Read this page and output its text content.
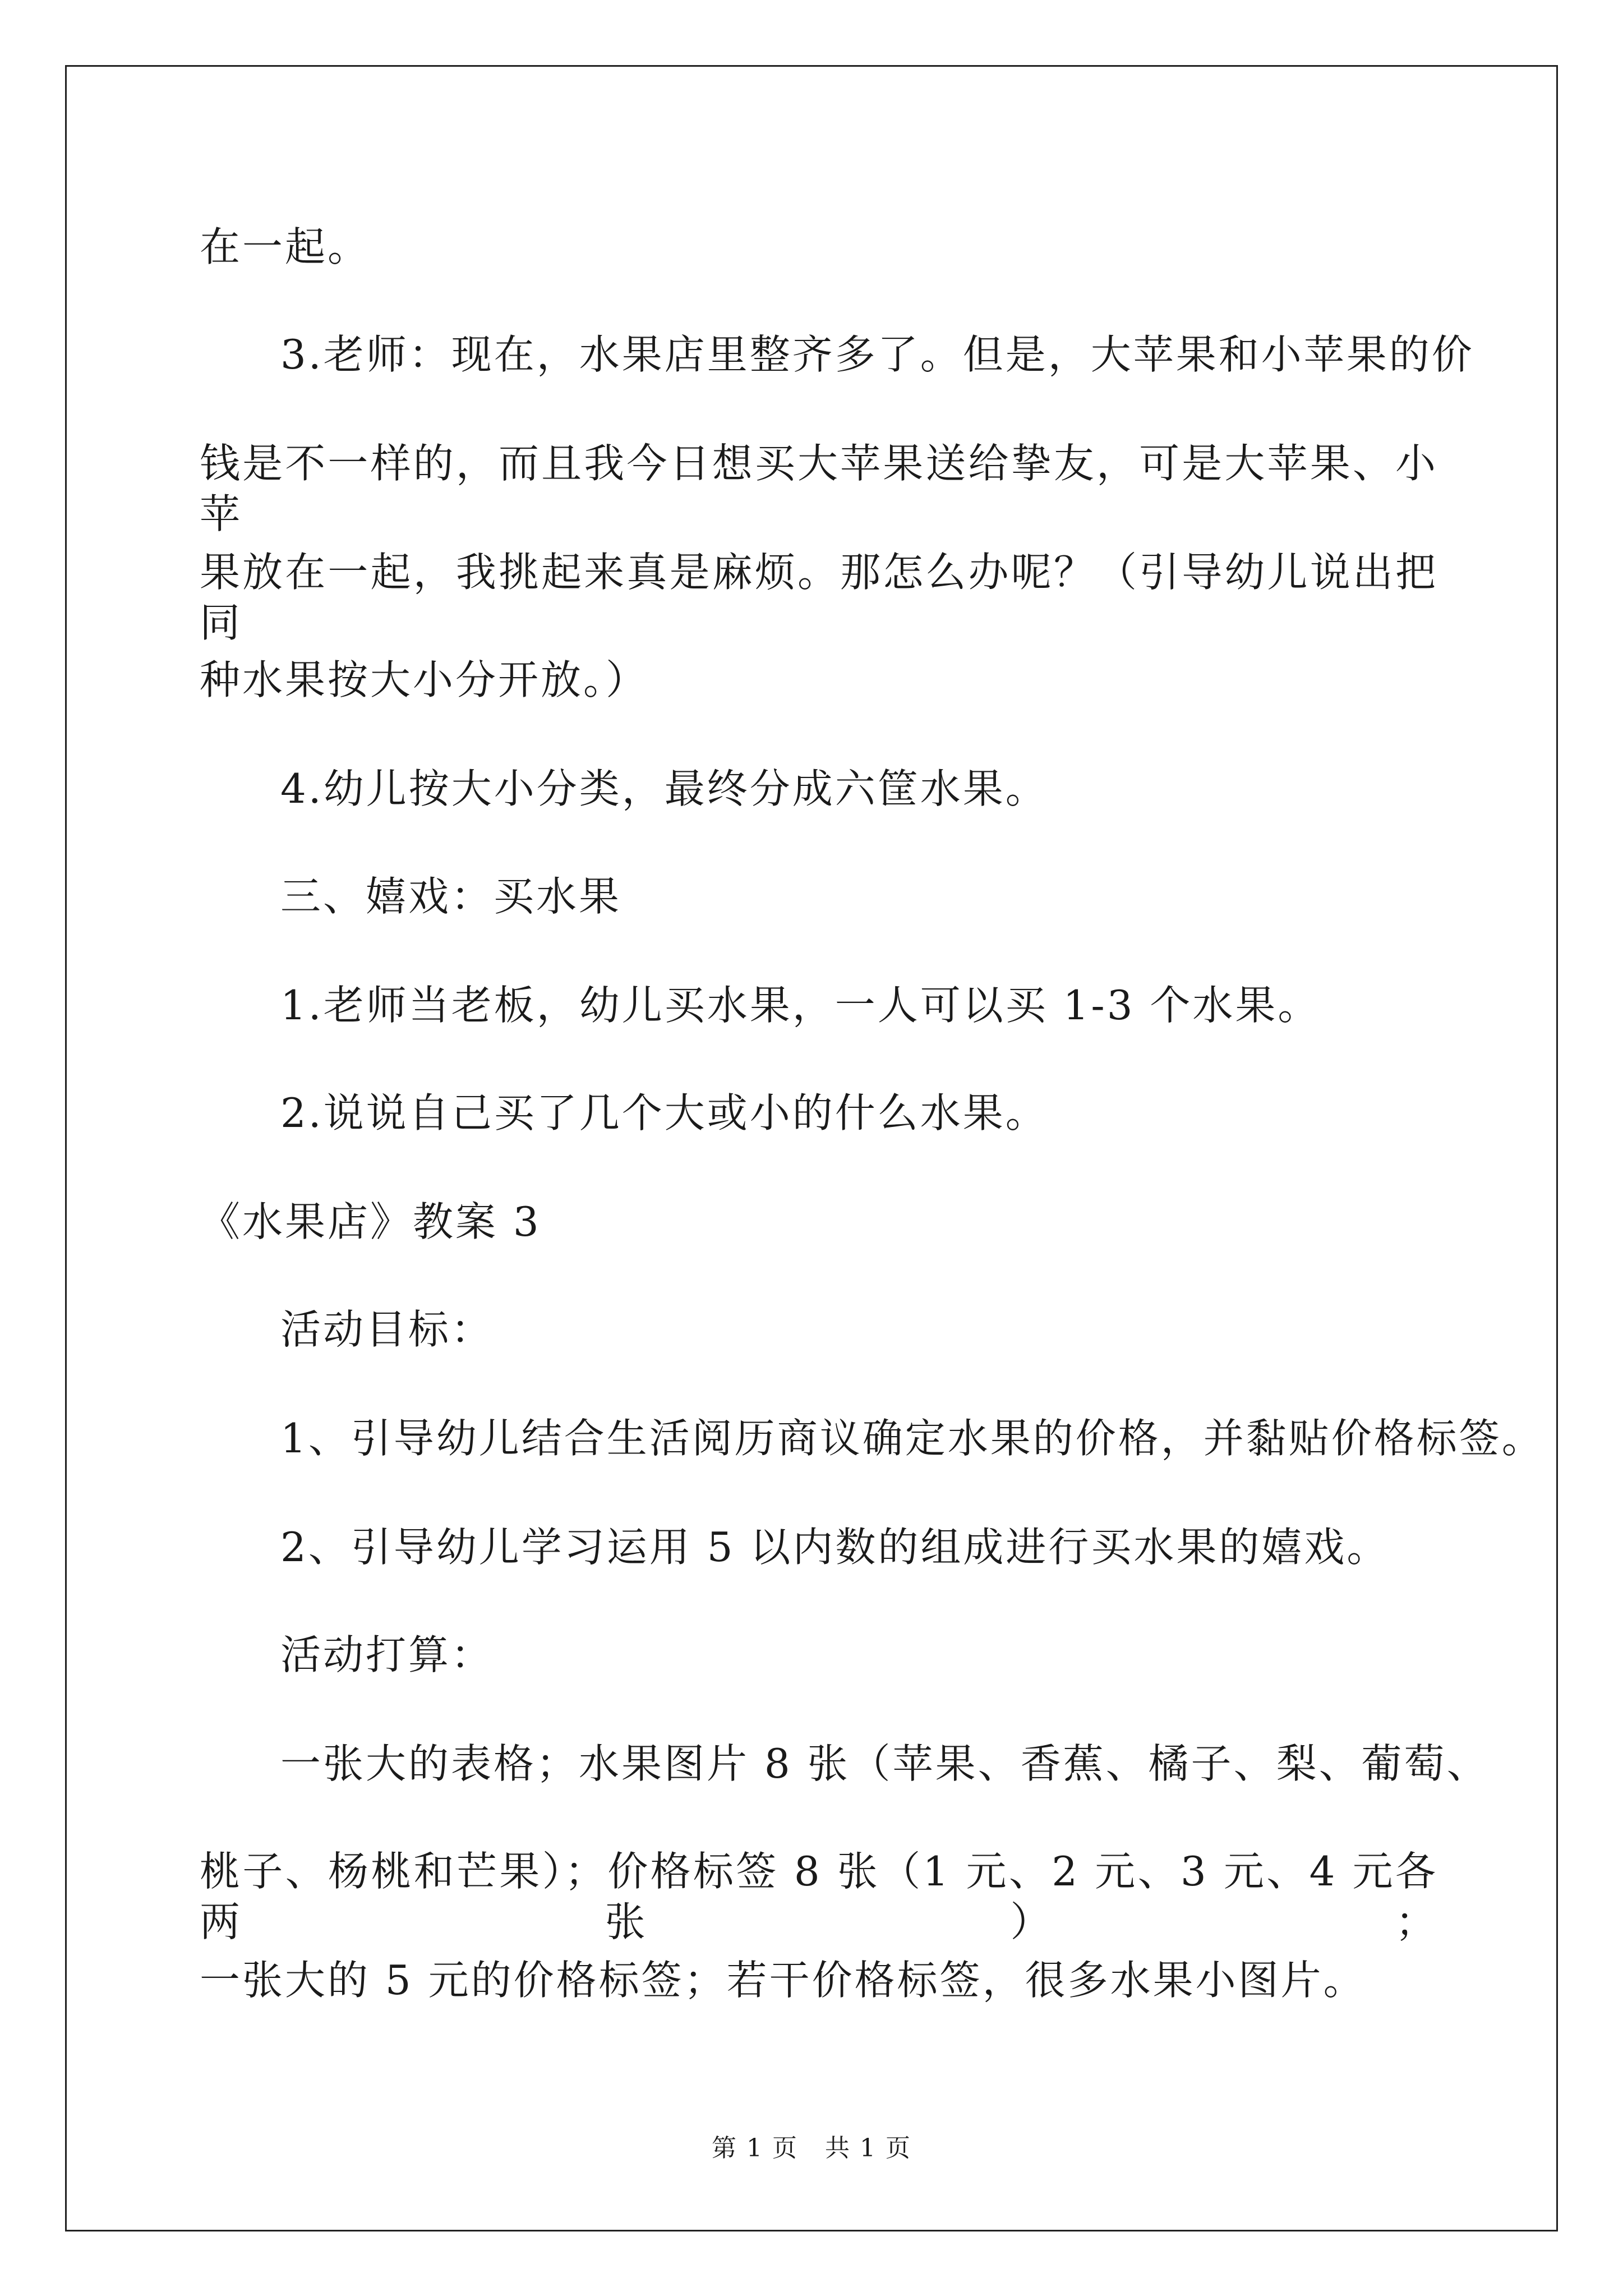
在一起。
3.老师：现在，水果店里整齐多了。但是，大苹果和小苹果的价
钱是不一样的，而且我今日想买大苹果送给挚友，可是大苹果、小苹
果放在一起，我挑起来真是麻烦。那怎么办呢？（引导幼儿说出把同
种水果按大小分开放。）
4.幼儿按大小分类，最终分成六筐水果。
三、嬉戏：买水果
1.老师当老板，幼儿买水果，一人可以买 1-3 个水果。
2.说说自己买了几个大或小的什么水果。
《水果店》教案 3
活动目标：
1、引导幼儿结合生活阅历商议确定水果的价格，并黏贴价格标签。
2、引导幼儿学习运用 5 以内数的组成进行买水果的嬉戏。
活动打算：
一张大的表格；水果图片 8 张（苹果、香蕉、橘子、梨、葡萄、
桃子、杨桃和芒果）；价格标签 8 张（1 元、2 元、3 元、4 元各两张）；
一张大的 5 元的价格标签；若干价格标签，很多水果小图片。
第 1 页 共 1 页
